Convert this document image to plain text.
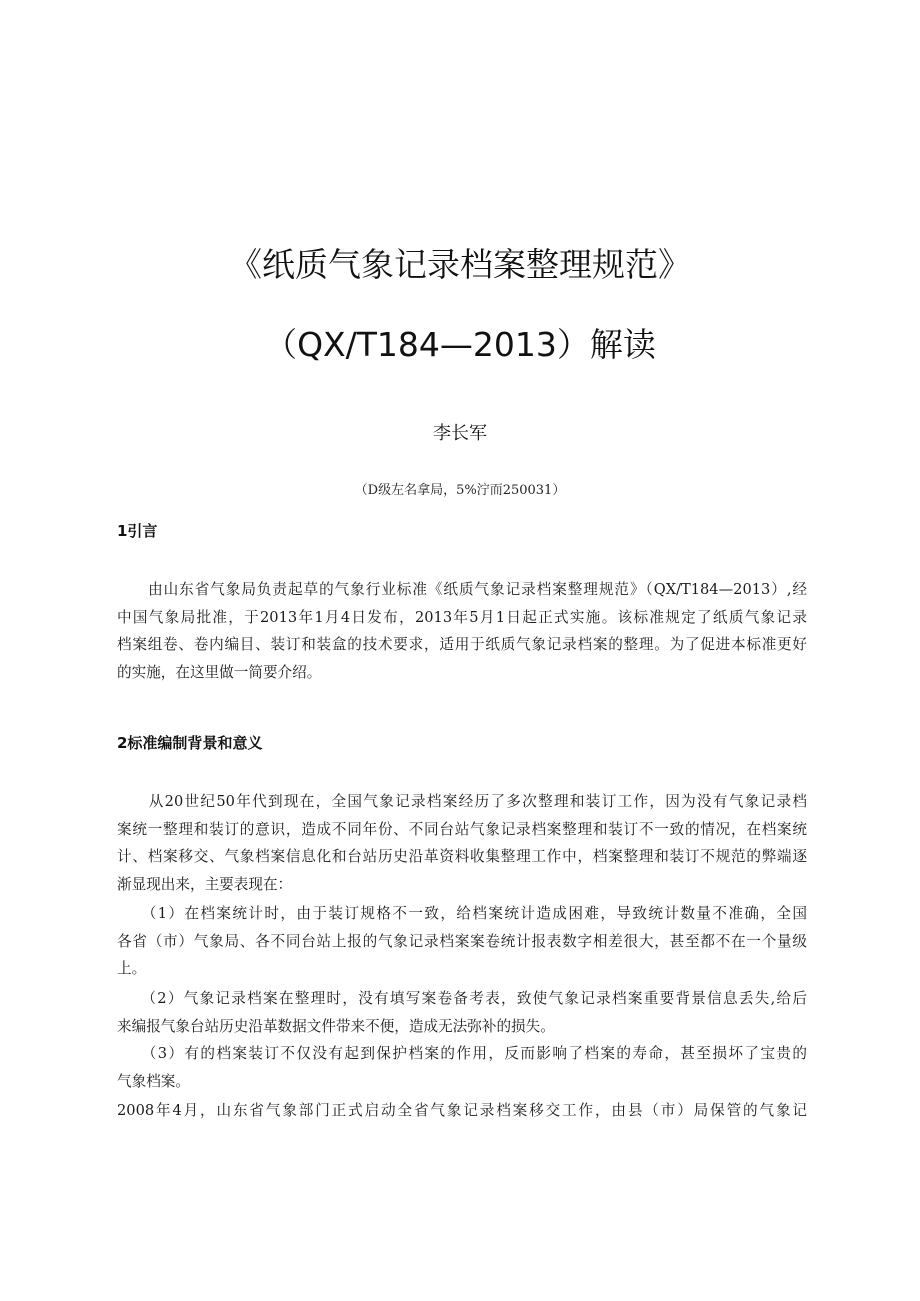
《纸质气象记录档案整理规范》
（QX/T184—2013）解读
李长军
（D级左名拿局，5%泞而250031）
1引言

　　由山东省气象局负责起草的气象行业标准《纸质气象记录档案整理规范》（QX/T184—2013）,经
中国气象局批准，于2013年1月4日发布，2013年5月1日起正式实施。该标准规定了纸质气象记录
档案组卷、卷内编目、装订和装盒的技术要求，适用于纸质气象记录档案的整理。为了促进本标准更好
的实施，在这里做一简要介绍。

2标准编制背景和意义

　　从20世纪50年代到现在，全国气象记录档案经历了多次整理和装订工作，因为没有气象记录档
案统一整理和装订的意识，造成不同年份、不同台站气象记录档案整理和装订不一致的情况，在档案统
计、档案移交、气象档案信息化和台站历史沿革资料收集整理工作中，档案整理和装订不规范的弊端逐
渐显现出来，主要表现在：

　　（1）在档案统计时，由于装订规格不一致，给档案统计造成困难，导致统计数量不准确，全国
各省（市）气象局、各不同台站上报的气象记录档案案卷统计报表数字相差很大，甚至都不在一个量级
上。

　　（2）气象记录档案在整理时，没有填写案卷备考表，致使气象记录档案重要背景信息丢失,给后
来编报气象台站历史沿革数据文件带来不便，造成无法弥补的损失。

　　（3）有的档案装订不仅没有起到保护档案的作用，反而影响了档案的寿命，甚至损坏了宝贵的
气象档案。

2008年4月，山东省气象部门正式启动全省气象记录档案移交工作，由县（市）局保管的气象记
